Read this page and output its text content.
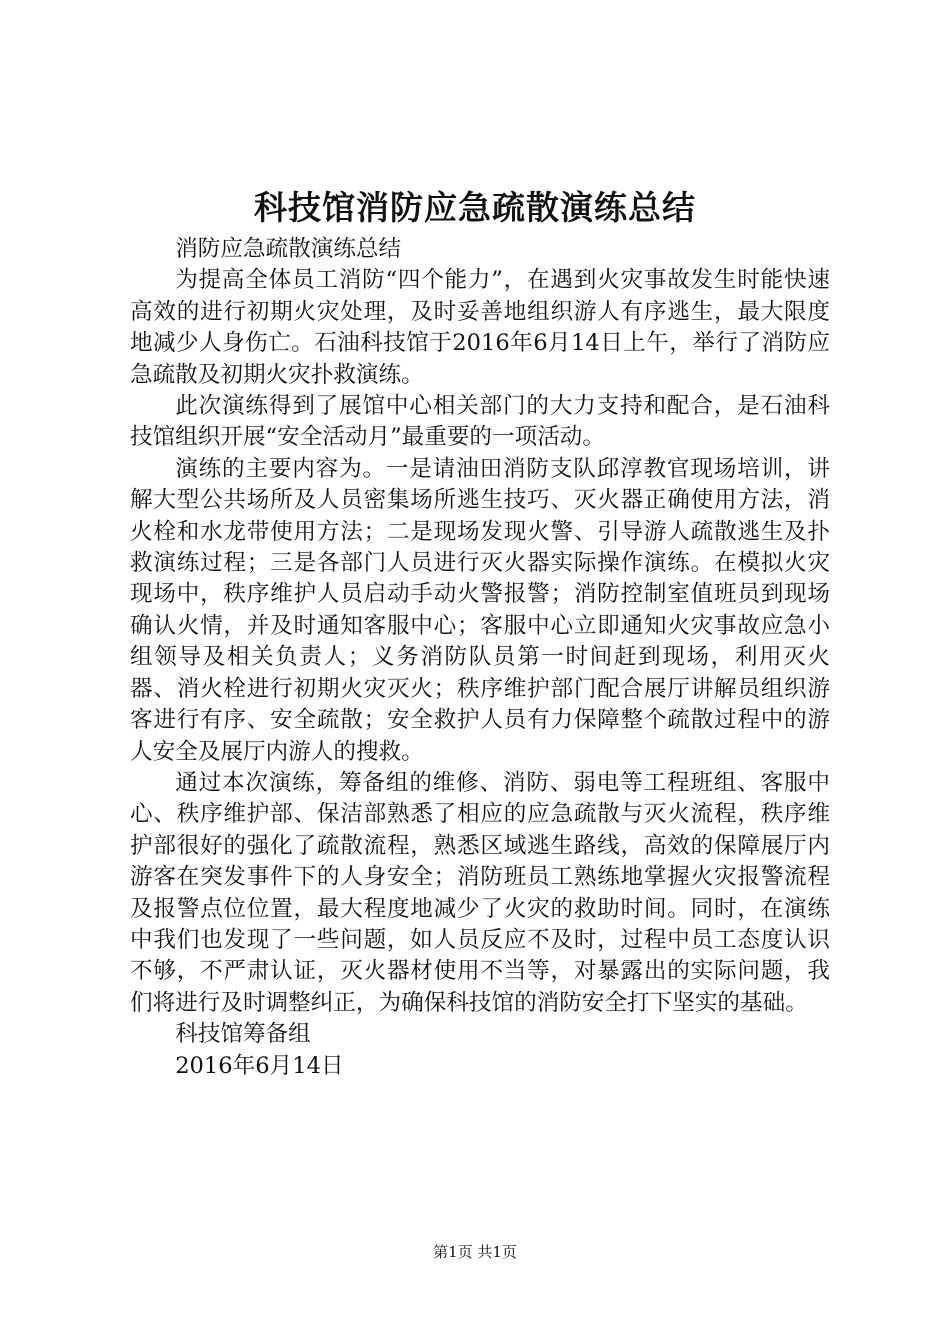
科技馆消防应急疏散演练总结

消防应急疏散演练总结

为提高全体员工消防“四个能力”，在遇到火灾事故发生时能快速高效的进行初期火灾处理，及时妥善地组织游人有序逃生，最大限度地减少人身伤亡。石油科技馆于2016年6月14日上午，举行了消防应急疏散及初期火灾扑救演练。

此次演练得到了展馆中心相关部门的大力支持和配合，是石油科技馆组织开展“安全活动月”最重要的一项活动。

演练的主要内容为。一是请油田消防支队邱淳教官现场培训，讲解大型公共场所及人员密集场所逃生技巧、灭火器正确使用方法，消火栓和水龙带使用方法；二是现场发现火警、引导游人疏散逃生及扑救演练过程；三是各部门人员进行灭火器实际操作演练。在模拟火灾现场中，秩序维护人员启动手动火警报警；消防控制室值班员到现场确认火情，并及时通知客服中心；客服中心立即通知火灾事故应急小组领导及相关负责人；义务消防队员第一时间赶到现场，利用灭火器、消火栓进行初期火灾灭火；秩序维护部门配合展厅讲解员组织游客进行有序、安全疏散；安全救护人员有力保障整个疏散过程中的游人安全及展厅内游人的搜救。

通过本次演练，筹备组的维修、消防、弱电等工程班组、客服中心、秩序维护部、保洁部熟悉了相应的应急疏散与灭火流程，秩序维护部很好的强化了疏散流程，熟悉区域逃生路线，高效的保障展厅内游客在突发事件下的人身安全；消防班员工熟练地掌握火灾报警流程及报警点位位置，最大程度地减少了火灾的救助时间。同时，在演练中我们也发现了一些问题，如人员反应不及时，过程中员工态度认识不够，不严肃认证，灭火器材使用不当等，对暴露出的实际问题，我们将进行及时调整纠正，为确保科技馆的消防安全打下坚实的基础。

科技馆筹备组

2016年6月14日

第1页 共1页
